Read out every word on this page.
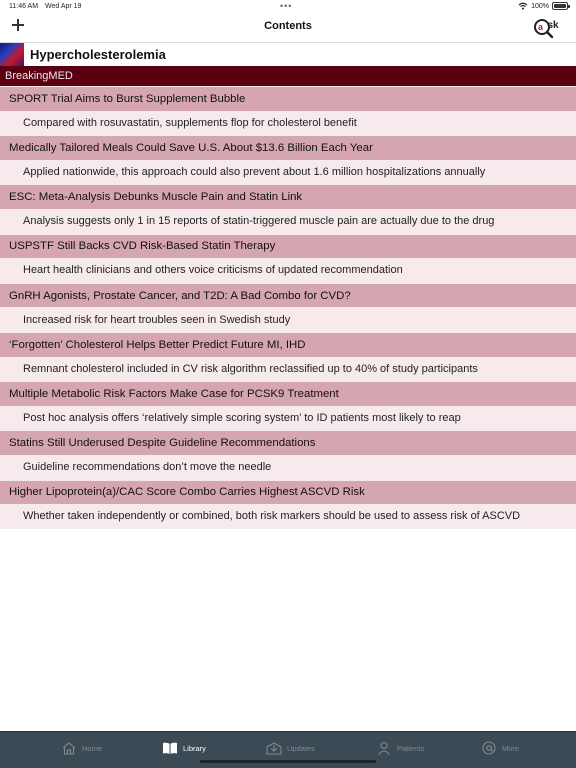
11:46 AM Wed Apr 19	•••	100%
Contents	a sk
Hypercholesterolemia
BreakingMED
SPORT Trial Aims to Burst Supplement Bubble
Compared with rosuvastatin, supplements flop for cholesterol benefit
Medically Tailored Meals Could Save U.S. About $13.6 Billion Each Year
Applied nationwide, this approach could also prevent about 1.6 million hospitalizations annually
ESC: Meta-Analysis Debunks Muscle Pain and Statin Link
Analysis suggests only 1 in 15 reports of statin-triggered muscle pain are actually due to the drug
USPSTF Still Backs CVD Risk-Based Statin Therapy
Heart health clinicians and others voice criticisms of updated recommendation
GnRH Agonists, Prostate Cancer, and T2D: A Bad Combo for CVD?
Increased risk for heart troubles seen in Swedish study
‘Forgotten’ Cholesterol Helps Better Predict Future MI, IHD
Remnant cholesterol included in CV risk algorithm reclassified up to 40% of study participants
Multiple Metabolic Risk Factors Make Case for PCSK9 Treatment
Post hoc analysis offers ‘relatively simple scoring system’ to ID patients most likely to reap
Statins Still Underused Despite Guideline Recommendations
Guideline recommendations don’t move the needle
Higher Lipoprotein(a)/CAC Score Combo Carries Highest ASCVD Risk
Whether taken independently or combined, both risk markers should be used to assess risk of ASCVD
Home	Library	Updates	Patients	More
